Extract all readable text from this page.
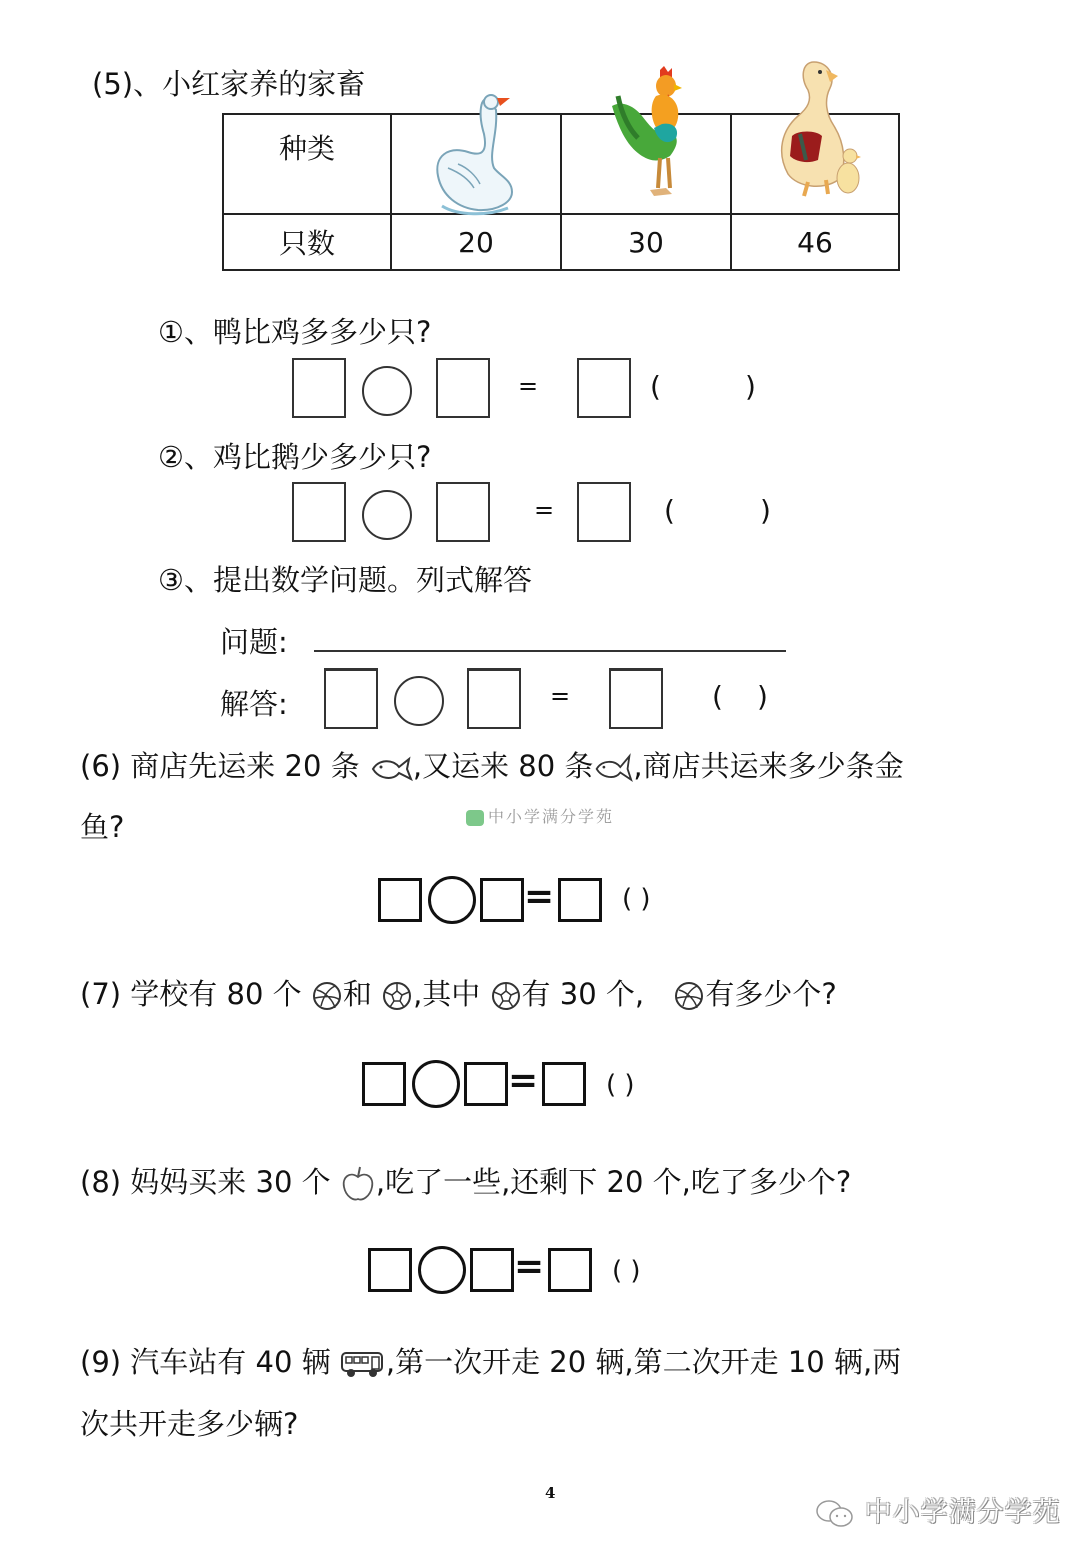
(5)、小红家养的家畜
种类			
只数	20	30	46
①、鸭比鸡多多少只?
=	(	)
②、鸡比鹅少多少只?
=	(	)
③、提出数学问题。列式解答
问题:
解答:	=	( )
(6) 商店先运来 20 条 ,又运来 80 条 ,商店共运来多少条金
鱼?	中小学满分学苑
=	( )
(7) 学校有 80 个 和 ,其中 有 30 个, 有多少个?
=	( )
(8) 妈妈买来 30 个 ,吃了一些,还剩下 20 个,吃了多少个?
=	( )
(9) 汽车站有 40 辆 ,第一次开走 20 辆,第二次开走 10 辆,两
次共开走多少辆?
4
中小学满分学苑
